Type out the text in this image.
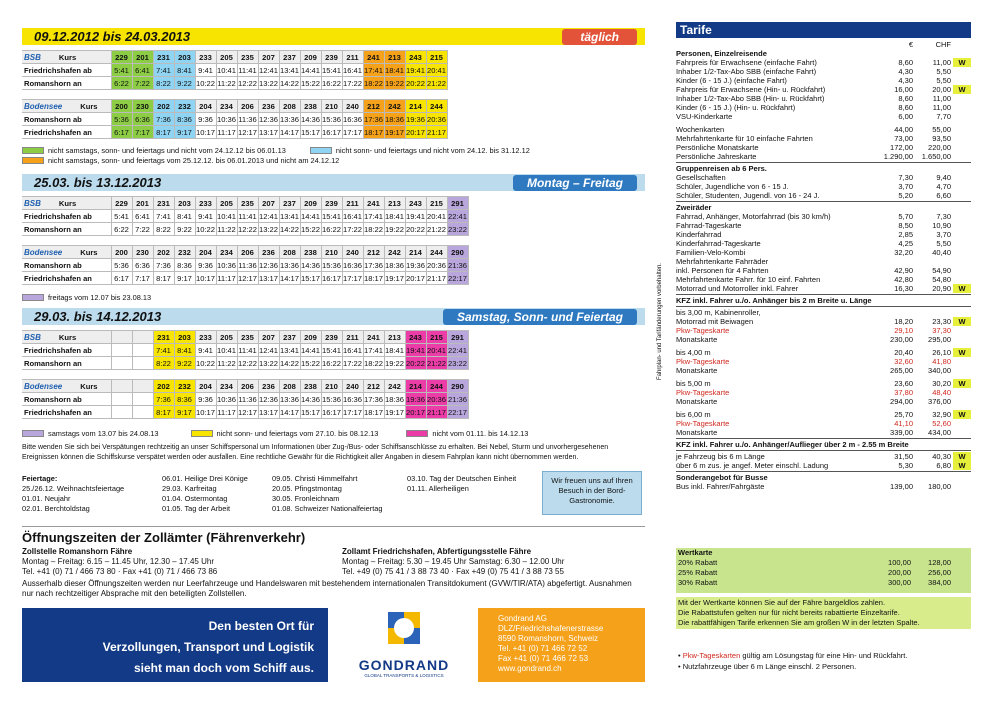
09.12.2012 bis 24.03.2013	täglich
BSB Kurs	229	201	231	203	233	205	235	207	237	209	239	211	241	213	243	215
Friedrichshafen ab	5:41	6:41	7:41	8:41	9:41	10:41	11:41	12:41	13:41	14:41	15:41	16:41	17:41	18:41	19:41	20:41
Romanshorn an	6:22	7:22	8:22	9:22	10:22	11:22	12:22	13:22	14:22	15:22	16:22	17:22	18:22	19:22	20:22	21:22
Bodensee Kurs	200	230	202	232	204	234	206	236	208	238	210	240	212	242	214	244
Romanshorn ab	5:36	6:36	7:36	8:36	9:36	10:36	11:36	12:36	13:36	14:36	15:36	16:36	17:36	18:36	19:36	20:36
Friedrichshafen an	6:17	7:17	8:17	9:17	10:17	11:17	12:17	13:17	14:17	15:17	16:17	17:17	18:17	19:17	20:17	21:17
nicht samstags, sonn- und feiertags und nicht vom 24.12.12 bis 06.01.13	nicht sonn- und feiertags und nicht vom 24.12. bis 31.12.12
nicht samstags, sonn- und feiertags vom 25.12.12. bis 06.01.2013 und nicht am 24.12.12
25.03. bis 13.12.2013	Montag – Freitag
BSB Kurs	229	201	231	203	233	205	235	207	237	209	239	211	241	213	243	215	291
Friedrichshafen ab	5:41	6:41	7:41	8:41	9:41	10:41	11:41	12:41	13:41	14:41	15:41	16:41	17:41	18:41	19:41	20:41	22:41
Romanshorn an	6:22	7:22	8:22	9:22	10:22	11:22	12:22	13:22	14:22	15:22	16:22	17:22	18:22	19:22	20:22	21:22	23:22
Bodensee Kurs	200	230	202	232	204	234	206	236	208	238	210	240	212	242	214	244	290
Romanshorn ab	5:36	6:36	7:36	8:36	9:36	10:36	11:36	12:36	13:36	14:36	15:36	16:36	17:36	18:36	19:36	20:36	21:36
Friedrichshafen an	6:17	7:17	8:17	9:17	10:17	11:17	12:17	13:17	14:17	15:17	16:17	17:17	18:17	19:17	20:17	21:17	22:17
freitags vom 12.07 bis 23.08.13
29.03. bis 14.12.2013	Samstag, Sonn- und Feiertag
BSB Kurs			231	203	233	205	235	207	237	209	239	211	241	213	243	215	291
Friedrichshafen ab			7:41	8:41	9:41	10:41	11:41	12:41	13:41	14:41	15:41	16:41	17:41	18:41	19:41	20:41	22:41
Romanshorn an			8:22	9:22	10:22	11:22	12:22	13:22	14:22	15:22	16:22	17:22	18:22	19:22	20:22	21:22	23:22
Bodensee Kurs			202	232	204	234	206	236	208	238	210	240	212	242	214	244	290
Romanshorn ab			7:36	8:36	9:36	10:36	11:36	12:36	13:36	14:36	15:36	16:36	17:36	18:36	19:36	20:36	21:36
Friedrichshafen an			8:17	9:17	10:17	11:17	12:17	13:17	14:17	15:17	16:17	17:17	18:17	19:17	20:17	21:17	22:17
samstags vom 13.07 bis 24.08.13	nicht sonn- und feiertags vom 27.10. bis 08.12.13	nicht vom 01.11. bis 14.12.13
Bitte wenden Sie sich bei Verspätungen rechtzeitig an unser Schiffspersonal um Informationen über Zug-/Bus- oder Schiffsanschlüsse zu erhalten. Bei Nebel, Sturm und unvorhergesehenen Ereignissen können die Schiffskurse verspätet werden oder ausfallen. Eine rechtliche Gewähr für die Richtigkeit aller Angaben in diesem Fahrplan kann nicht übernommen werden.
Feiertage:
25./26.12. Weihnachtsfeiertage
01.01. Neujahr
02.01. Berchtoldstag
06.01. Heilige Drei Könige
29.03. Karfreitag
01.04. Ostermontag
01.05. Tag der Arbeit
09.05. Christi Himmelfahrt
20.05. Pfingstmontag
30.05. Fronleichnam
01.08. Schweizer Nationalfeiertag
03.10. Tag der Deutschen Einheit
01.11. Allerheiligen
Wir freuen uns auf Ihren Besuch in der Bord-Gastronomie.
Öffnungszeiten der Zollämter (Fährenverkehr)
Zollstelle Romanshorn Fähre
Montag – Freitag: 6.15 – 11.45 Uhr, 12.30 – 17.45 Uhr
Tel. +41 (0) 71 / 466 73 80 · Fax +41 (0) 71 / 466 73 86
Zollamt Friedrichshafen, Abfertigungsstelle Fähre
Montag – Freitag: 5.30 – 19.45 Uhr Samstag: 6.30 – 12.00 Uhr
Tel. +49 (0) 75 41 / 3 88 73 40 · Fax +49 (0) 75 41 / 3 88 73 55
Ausserhalb dieser Öffnungszeiten werden nur Leerfahrzeuge und Handelswaren mit bestehendem internationalen Transitdokument (GVW/TIR/ATA) abgefertigt. Ausnahmen nur nach rechtzeitiger Absprache mit den beteiligten Zollstellen.
Den besten Ort für
Verzollungen, Transport und Logistik
sieht man doch vom Schiff aus.	GONDRAND
GLOBAL TRANSPORTS & LOGISTICS
Gondrand AG
DLZ/Friedrichshafenerstrasse
8590 Romanshorn, Schweiz
Tel. +41 (0) 71 466 72 52
Fax +41 (0) 71 466 72 53
www.gondrand.ch
Fahrplan- und Tarifänderungen vorbehalten.
Tarife
€	CHF
Personen, Einzelreisende
Fahrpreis für Erwachsene (einfache Fahrt)	8,60	11,00 W
Inhaber 1/2-Tax-Abo SBB (einfache Fahrt)	4,30	5,50
Kinder (6 - 15 J.) (einfache Fahrt)	4,30	5,50
Fahrpreis für Erwachsene (Hin- u. Rückfahrt)	16,00	20,00 W
Inhaber 1/2-Tax-Abo SBB (Hin- u. Rückfahrt)	8,60	11,00
Kinder (6 - 15 J.) (Hin- u. Rückfahrt)	8,60	11,00
VSU-Kinderkarte	6,00	7,70
Wochenkarten	44,00	55,00
Mehrfahrtenkarte für 10 einfache Fahrten	73,00	93,50
Persönliche Monatskarte	172,00	220,00
Persönliche Jahreskarte	1.290,00	1.650,00
Gruppenreisen ab 6 Pers.
Gesellschaften	7,30	9,40
Schüler, Jugendliche von 6 - 15 J.	3,70	4,70
Schüler, Studenten, Jugendl. von 16 - 24 J.	5,20	6,60
Zweiräder
Fahrrad, Anhänger, Motorfahrrad (bis 30 km/h)	5,70	7,30
Fahrrad-Tageskarte	8,50	10,90
Kinderfahrrad	2,85	3,70
Kinderfahrrad-Tageskarte	4,25	5,50
Familien-Velo-Kombi	32,20	40,40
Mehrfahrtenkarte Fahrräder
inkl. Personen für 4 Fahrten	42,90	54,90
Mehrfahrtenkarte Fahrr. für 10 einf. Fahrten	42,80	54,80
Motorrad und Motorroller inkl. Fahrer	16,30	20,90 W
KFZ inkl. Fahrer u./o. Anhänger bis 2 m Breite u. Länge
bis 3,00 m, Kabinenroller,
Motorrad mit Beiwagen	18,20	23,30 W
Pkw-Tageskarte	29,10	37,30
Monatskarte	230,00	295,00
bis 4,00 m	20,40	26,10 W
Pkw-Tageskarte	32,60	41,80
Monatskarte	265,00	340,00
bis 5,00 m	23,60	30,20 W
Pkw-Tageskarte	37,80	48,40
Monatskarte	294,00	376,00
bis 6,00 m	25,70	32,90 W
Pkw-Tageskarte	41,10	52,60
Monatskarte	339,00	434,00
KFZ inkl. Fahrer u./o. Anhänger/Auflieger über 2 m - 2.55 m Breite
je Fahrzeug bis 6 m Länge	31,50	40,30 W
über 6 m zus. je angef. Meter einschl. Ladung	5,30	6,80 W
Sonderangebot für Busse
Bus inkl. Fahrer/Fahrgäste	139,00	180,00
Wertkarte
20% Rabatt	100,00	128,00
25% Rabatt	200,00	256,00
30% Rabatt	300,00	384,00
Mit der Wertkarte können Sie auf der Fähre bargeldlos zahlen.
Die Rabattstufen gelten nur für nicht bereits rabattierte Einzeltarife.
Die rabattfähigen Tarife erkennen Sie am großen W in der letzten Spalte.
• Pkw-Tageskarten gültig am Lösungstag für eine Hin- und Rückfahrt.
• Nutzfahrzeuge über 6 m Länge einschl. 2 Personen.
